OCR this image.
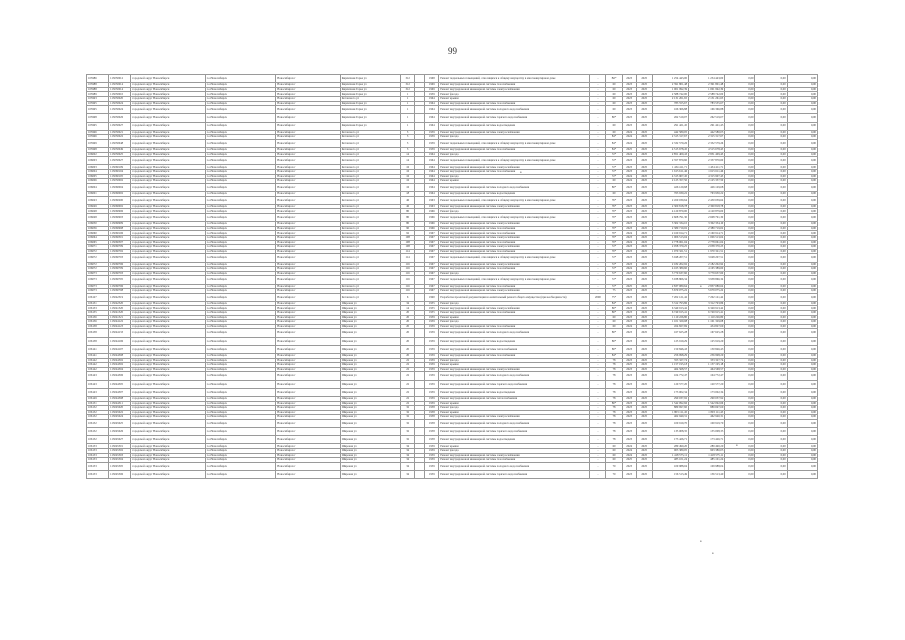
99
105986	113050012	городской округ Новосибирск	г.о.Новосибирск	Новосибирск г	Кирпичная Горка ул	312		1968	Ремонт подвальных помещений, относящихся к общему имуществу в многоквартирном доме	-	В2*	2023	2025	1 254 443,00	1 254 443,00	0,00	0,00	0,00
105988	113050014	городской округ Новосибирск	г.о.Новосибирск	Новосибирск г	Кирпичная Горка ул	312		1969	Ремонт внутридомовой инженерной системы газоснабжения	-	60	2023	2025	2 391 801,48	2 391 801,48	0,00	0,00	0,00
105988	113050014	городской округ Новосибирск	г.о.Новосибирск	Новосибирск г	Кирпичная Горка ул	312		1969	Ремонт внутридомовой инженерной системы электроснабжения	-	60	2023	2025	1 001 992,39	1 001 992,39	0,00	0,00	0,00
105989	113050010	городской округ Новосибирск	г.о.Новосибирск	Новосибирск г	Кирпичная Горка ул	1		1959	Ремонт фасада	-	60	2023	2025	2 588 742,00	2 588 742,00	0,00	0,00	0,00
105993	113050020	городской округ Новосибирск	г.о.Новосибирск	Новосибирск г	Котовского ул	1		1964	Ремонт крыши	-	60	2023	2025	2 131 261,65	2 131 261,65	0,00	0,00	0,00
105995	113050024	городской округ Новосибирск	г.о.Новосибирск	Новосибирск г	Кирпичная Горка ул	1		1964	Ремонт внутридомовой инженерной системы газоснабжения	-	60	2023	2025	783 555,67	783 555,67	0,00	0,00	0,00
105995	113050024	городской округ Новосибирск	г.о.Новосибирск	Новосибирск г	Кирпичная Горка ул	1		1964	Ремонт внутридомовой инженерной системы холодного водоснабжения	-	60	2023	2025	166 366,88	166 366,88	0,00	0,00	0,00
105998	113050026	городской округ Новосибирск	г.о.Новосибирск	Новосибирск г	Кирпичная Горка ул	1		1964	Ремонт внутридомовой инженерной системы горячего водоснабжения	-	80*	2023	2025	262 519,07	262 519,07	0,00	0,00	0,00
105995	113050027	городской округ Новосибирск	г.о.Новосибирск	Новосибирск г	Кирпичная Горка ул	1		1964	Ремонт внутридомовой инженерной системы водоотведения	-	60	2023	2025	291 421,45	291 421,45	0,00	0,00	0,00
105996	113050021	городской округ Новосибирск	г.о.Новосибирск	Новосибирск г	Котовского ул	3		1959	Ремонт внутридомовой инженерной системы электроснабжения	-	60	2024	2025	442 580,05	442 580,05	0,00	0,00	0,00
105996	113050022	городской округ Новосибирск	г.о.Новосибирск	Новосибирск г	Котовского ул	3		1959	Ремонт фасада	-	84*	2024	2025	2 315 317,67	2 315 317,67	0,00	0,00	0,00
105999	113050048	городской округ Новосибирск	г.о.Новосибирск	Новосибирск г	Котовского ул	3		1959	Ремонт подвальных помещений, относящихся к общему имуществу в многоквартирном доме	-	84*	2024	2025	2 332 579,26	2 332 579,26	0,00	0,00	0,00
105998	113050049	городской округ Новосибирск	г.о.Новосибирск	Новосибирск г	Котовского ул	3		1959	Ремонт внутридомовой инженерной системы газоснабжения	-	84*	2025	2025	4 515 678,45	4 515 678,45	0,00	0,00	0,00
106002	113050025	городской округ Новосибирск	г.о.Новосибирск	Новосибирск г	Котовского ул	14		1964	Ремонт фасада	-	72*	2024	2025	2 851 409,43	2 851 409,43	0,00	0,00	0,00
106003	113050027	городской округ Новосибирск	г.о.Новосибирск	Новосибирск г	Котовского ул	14		1964	Ремонт подвальных помещений, относящихся к общему имуществу в многоквартирном доме	-	72*	2023	2025	2 357 870,60	2 357 870,60	0,00	0,00	0,00
106003	113060109	городской округ Новосибирск	г.о.Новосибирск	Новосибирск г	Котовского ул	16		1964	Ремонт внутридомовой инженерной системы электроснабжения	-	72*	2023	2025	1 434 411,71	1 434 411,71	0,00	0,00	0,00
106004	113060104	городской округ Новосибирск	г.о.Новосибирск	Новосибирск г	Котовского ул	16		1964	Ремонт внутридомовой инженерной системы газоснабжения	-	72*	2023	2025	1 615 611,46	1 615 611,46	0,00	0,00	0,00
106005	113060105	городской округ Новосибирск	г.о.Новосибирск	Новосибирск г	Котовского ул	16		1964	Ремонт фасада	-	72*	2024	2025	4 315 907,45	4 315 907,45	0,00	0,00	0,00
106006	113050002	городской округ Новосибирск	г.о.Новосибирск	Новосибирск г	Котовского ул	16		1964	Ремонт крыши	-	60	2024	2025	2 125 357,50	2 125 357,50	0,00	0,00	0,00
106004	113060004	городской округ Новосибирск	г.о.Новосибирск	Новосибирск г	Котовского ул	16		1964	Ремонт внутридомовой инженерной системы холодного водоснабжения	-	80*	2023	2025	426 129,68	426 129,68	0,00	0,00	0,00
106001	113060002	городской округ Новосибирск	г.о.Новосибирск	Новосибирск г	Котовского ул	18		1964	Ремонт внутридомовой инженерной системы водоотведения	-	60	2023	2025	763 930,22	763 930,22	0,00	0,00	0,00
106043	113060200	городской округ Новосибирск	г.о.Новосибирск	Новосибирск г	Котовского ул	46		1963	Ремонт подвальных помещений, относящихся к общему имуществу в многоквартирном доме	-	76*	2023	2025	2 450 039,64	2 450 039,64	0,00	0,00	0,00
106049	113060002	городской округ Новосибирск	г.о.Новосибирск	Новосибирск г	Котовского ул	46		1963	Ремонт внутридомовой инженерной системы электроснабжения	-	76*	2023	2025	2 300 818,78	2 300 818,78	0,00	0,00	0,00
106048	113060906	городской округ Новосибирск	г.о.Новосибирск	Новосибирск г	Котовского ул	80		1966	Ремонт фасада	-	70*	2023	2025	4 120 879,00	4 120 879,00	0,00	0,00	0,00
106048	113060903	городской округ Новосибирск	г.о.Новосибирск	Новосибирск г	Котовского ул	80		1966	Ремонт подвальных помещений, относящихся к общему имуществу в многоквартирном доме	-	70*	2023	2025	2 608 791,30	2 608 791,30	0,00	0,00	0,00
106050	113060909	городской округ Новосибирск	г.о.Новосибирск	Новосибирск г	Котовского ул	80		1966	Ремонт внутридомовой инженерной системы электроснабжения	-	70*	2023	2025	3 302 334,10	3 302 334,10	0,00	0,00	0,00
106056	113060908	городской округ Новосибирск	г.о.Новосибирск	Новосибирск г	Котовского ул	90		1966	Ремонт внутридомовой инженерной системы газоснабжения	-	70*	2023	2025	2 389 719,02	2 389 719,02	0,00	0,00	0,00
106060	113060106	городской округ Новосибирск	г.о.Новосибирск	Новосибирск г	Котовского ул	92		1967	Ремонт внутридомовой инженерной системы газоснабжения	-	70*	2024	2025	2 160 914,71	2 160 914,71	0,00	0,00	0,00
106064	113060301	городской округ Новосибирск	г.о.Новосибирск	Новосибирск г	Котовского ул	108		1967	Ремонт внутридомовой инженерной системы электроснабжения	-	70*	2023	2025	1 006 513,04	1 006 513,04	0,00	0,00	0,00
106065	113060307	городской округ Новосибирск	г.о.Новосибирск	Новосибирск г	Котовского ул	108		1967	Ремонт внутридомовой инженерной системы газоснабжения	-	70*	2024	2025	2 778 061,04	2 778 061,04	0,00	0,00	0,00
106071	113060709	городской округ Новосибирск	г.о.Новосибирск	Новосибирск г	Котовского ул	108		1967	Ремонт внутридомовой инженерной системы электроснабжения	-	72*	2023	2025	2 058 370,25	2 058 370,25	0,00	0,00	0,00
106072	113060702	городской округ Новосибирск	г.о.Новосибирск	Новосибирск г	Котовского ул	114		1967	Ремонт внутридомовой инженерной системы газоснабжения	-	70*	2023	2025	1 970 321,51	1 970 321,51	0,00	0,00	0,00
106072	113060703	городской округ Новосибирск	г.о.Новосибирск	Новосибирск г	Котовского ул	114		1967	Ремонт подвальных помещений, относящихся к общему имуществу в многоквартирном доме	-	72*	2023	2025	3 048 207,51	3 048 207,51	0,00	0,00	0,00
106072	113060706	городской округ Новосибирск	г.о.Новосибирск	Новосибирск г	Котовского ул	116		1967	Ремонт внутридомовой инженерной системы электроснабжения	-	72*	2023	2025	2 182 202,92	2 182 202,92	0,00	0,00	0,00
106072	113060709	городской округ Новосибирск	г.о.Новосибирск	Новосибирск г	Котовского ул	116		1967	Ремонт внутридомовой инженерной системы газоснабжения	-	72*	2024	2025	4 165 389,60	4 165 389,60	0,00	0,00	0,00
106073	113060703	городской округ Новосибирск	г.о.Новосибирск	Новосибирск г	Котовского ул	116		1967	Ремонт фасада	-	72*	2025	2025	3 779 637,60	3 779 637,60	0,00	0,00	0,00
106073	113060705	городской округ Новосибирск	г.о.Новосибирск	Новосибирск г	Котовского ул	116		1967	Ремонт подвальных помещений, относящихся к общему имуществу в многоквартирном доме	-	72*	2023	2025	3 938 866,34	3 938 866,34	0,00	0,00	0,00
106073	113060706	городской округ Новосибирск	г.о.Новосибирск	Новосибирск г	Котовского ул	116		1967	Ремонт внутридомовой инженерной системы газоснабжения	-	72*	2025	2025	2 837 080,64	2 837 080,64	0,00	0,00	0,00
106073	113060708	городской округ Новосибирск	г.о.Новосибирск	Новосибирск г	Котовского ул	116		1967	Ремонт внутридомовой инженерной системы электроснабжения	-	75	2023	2025	5 679 075,22	5 679 075,22	0,00	0,00	0,00
106127	113042319	городской округ Новосибирск	г.о.Новосибирск	Новосибирск г	Котовского ул	6		1990	Разработка проектной документации на капитальный ремонт общего имущества (при необходимости)	2000	75*	2023	2025	7 202 121,42	7 202 121,42	0,00	0,00	0,00
106131	113042320	городской округ Новосибирск	г.о.Новосибирск	Новосибирск г	Широкая ул	34		1955	Ремонт фасада	-	84*	2023	2025	3 312 793,86	3 312 793,86	0,00	0,00	0,00
106133	113041320	городской округ Новосибирск	г.о.Новосибирск	Новосибирск г	Широкая ул	14		1955	Ремонт внутридомовой инженерной системы электроснабжения	-	80*	2023	2025	6 349 913,42	6 349 913,42	0,00	0,00	0,00
106135	113041320	городской округ Новосибирск	г.о.Новосибирск	Новосибирск г	Широкая ул	20		1955	Ремонт внутридомовой инженерной системы газоснабжения	-	80*	2023	2025	6 749 915,41	6 749 915,41	0,00	0,00	0,00
106136	113041321	городской округ Новосибирск	г.о.Новосибирск	Новосибирск г	Широкая ул	20		1959	Ремонт крыши	-	60	2023	2025	1 110 226,80	1 110 226,80	0,00	0,00	0,00
106136	113044122	городской округ Новосибирск	г.о.Новосибирск	Новосибирск г	Широкая ул	20		1959	Ремонт фасада	-	60	2023	2025	1 101 329,08	1 101 329,08	0,00	0,00	0,00
106138	113044123	городской округ Новосибирск	г.о.Новосибирск	Новосибирск г	Широкая ул	20		1959	Ремонт внутридомовой инженерной системы газоснабжения	-	60	2024	2025	454 827,69	454 827,69	0,00	0,00	0,00
106138	113044133	городской округ Новосибирск	г.о.Новосибирск	Новосибирск г	Широкая ул	20		1959	Ремонт внутридомовой инженерной системы холодного водоснабжения	-	80*	2023	2025	167 625,28	167 625,28	0,00	0,00	0,00
106138	113044106	городской округ Новосибирск	г.о.Новосибирск	Новосибирск г	Широкая ул	20		1959	Ремонт внутридомовой инженерной системы водоотведения	-	80*	2023	2025	125 919,29	125 919,29	0,00	0,00	0,00
106141	113044107	городской округ Новосибирск	г.о.Новосибирск	Новосибирск г	Широкая ул	20		1959	Ремонт внутридомовой инженерной системы теплоснабжения	-	80*	2023	2025	150 846,43	150 846,43	0,00	0,00	0,00
106141	113044308	городской округ Новосибирск	г.о.Новосибирск	Новосибирск г	Широкая ул	20		1959	Ремонт внутридомовой инженерной системы газоснабжения	-	84*	2023	2025	256 998,29	256 998,29	0,00	0,00	0,00
106142	113044302	городской округ Новосибирск	г.о.Новосибирск	Новосибирск г	Широкая ул	22		1959	Ремонт фасада	-	78	2023	2025	353 327,74	353 327,74	0,00	0,00	0,00
106142	113044302	городской округ Новосибирск	г.о.Новосибирск	Новосибирск г	Широкая ул	22		1959	Ремонт крыши	-	78	2025	2025	1 157 195,18	1 157 195,18	0,00	0,00	0,00
106142	113044304	городской округ Новосибирск	г.о.Новосибирск	Новосибирск г	Широкая ул	22		1959	Ремонт внутридомовой инженерной системы электроснабжения	-	78	2023	2025	464 568,57	464 568,57	0,00	0,00	0,00
106143	113044306	городской округ Новосибирск	г.о.Новосибирск	Новосибирск г	Широкая ул	22		1959	Ремонт внутридомовой инженерной системы холодного водоснабжения	-	78	2023	2025	104 772,47	104 772,47	0,00	0,00	0,00
106143	113044305	городской округ Новосибирск	г.о.Новосибирск	Новосибирск г	Широкая ул	22		1959	Ремонт внутридомовой инженерной системы горячего водоснабжения	-	78	2023	2025	120 577,20	120 577,20	0,00	0,00	0,00
106143	113044307	городской округ Новосибирск	г.о.Новосибирск	Новосибирск г	Широкая ул	22		1959	Ремонт внутридомовой инженерной системы водоотведения	-	78	2023	2025	173 002,34	173 002,34	0,00	0,00	0,00
106149	113044308	городской округ Новосибирск	г.о.Новосибирск	Новосибирск г	Широкая ул	22		1959	Ремонт внутридомовой инженерной системы теплоснабжения	-	78	2023	2025	290 037,92	290 037,92	0,00	0,00	0,00
106151	113044311	городской округ Новосибирск	г.о.Новосибирск	Новосибирск г	Широкая ул	22		1959	Ремонт крыши	-	80*	2023	2025	1 542 092,66	1 542 092,66	0,00	0,00	0,00
106152	113045020	городской округ Новосибирск	г.о.Новосибирск	Новосибирск г	Широкая ул	32		1958	Ремонт фасада	-	78	2023	2025	889 697,60	889 697,60	0,00	0,00	0,00
106152	113045022	городской округ Новосибирск	г.о.Новосибирск	Новосибирск г	Широкая ул	32		1958	Ремонт крыши	-	78	2023	2025	1 803 111,45	1 803 111,45	0,00	0,00	0,00
106152	113045024	городской округ Новосибирск	г.о.Новосибирск	Новосибирск г	Широкая ул	32		1958	Ремонт внутридомовой инженерной системы электроснабжения	-	78	2023	2025	462 940,31	462 940,31	0,00	0,00	0,00
106152	113045025	городской округ Новосибирск	г.о.Новосибирск	Новосибирск г	Широкая ул	32		1958	Ремонт внутридомовой инженерной системы холодного водоснабжения	-	78	2023	2025	100 919,70	100 919,70	0,00	0,00	0,00
106152	113045026	городской округ Новосибирск	г.о.Новосибирск	Новосибирск г	Широкая ул	32		1958	Ремонт внутридомовой инженерной системы горячего водоснабжения	-	78	2023	2025	135 008,35	135 008,35	0,00	0,00	0,00
106152	113045027	городской округ Новосибирск	г.о.Новосибирск	Новосибирск г	Широкая ул	32		1958	Ремонт внутридомовой инженерной системы водоотведения	-	78	2023	2025	173 426,71	173 426,71	0,00	0,00	0,00
106153	113045301	городской округ Новосибирск	г.о.Новосибирск	Новосибирск г	Широкая ул	34		1959	Ремонт крыши	-	60	2024	2025	289 490,20	289 490,20	0,00	0,00	0,00
106153	113045302	городской округ Новосибирск	г.о.Новосибирск	Новосибирск г	Широкая ул	34		1959	Ремонт фасада	-	60	2024	2025	903 380,05	903 380,05	0,00	0,00	0,00
106153	113045303	городской округ Новосибирск	г.о.Новосибирск	Новосибирск г	Широкая ул	34		1959	Ремонт внутридомовой инженерной системы электроснабжения	-	60	2024	2025	1 418 575,11	1 418 575,11	0,00	0,00	0,00
106153	113045304	городской округ Новосибирск	г.о.Новосибирск	Новосибирск г	Широкая ул	34		1959	Ремонт внутридомовой инженерной системы газоснабжения	-	60	2025	2025	485 101,24	485 101,24	0,00	0,00	0,00
106153	113045305	городской округ Новосибирск	г.о.Новосибирск	Новосибирск г	Широкая ул	34		1959	Ремонт внутридомовой инженерной системы холодного водоснабжения	-	70	2023	2025	109 988,04	109 988,04	0,00	0,00	0,00
106153	113045306	городской округ Новосибирск	г.о.Новосибирск	Новосибирск г	Широкая ул	34		1959	Ремонт внутридомовой инженерной системы горячего водоснабжения	-	70	2023	2025	156 513,49	156 513,49	0,00	0,00	0,00
•
•
•
•
•
